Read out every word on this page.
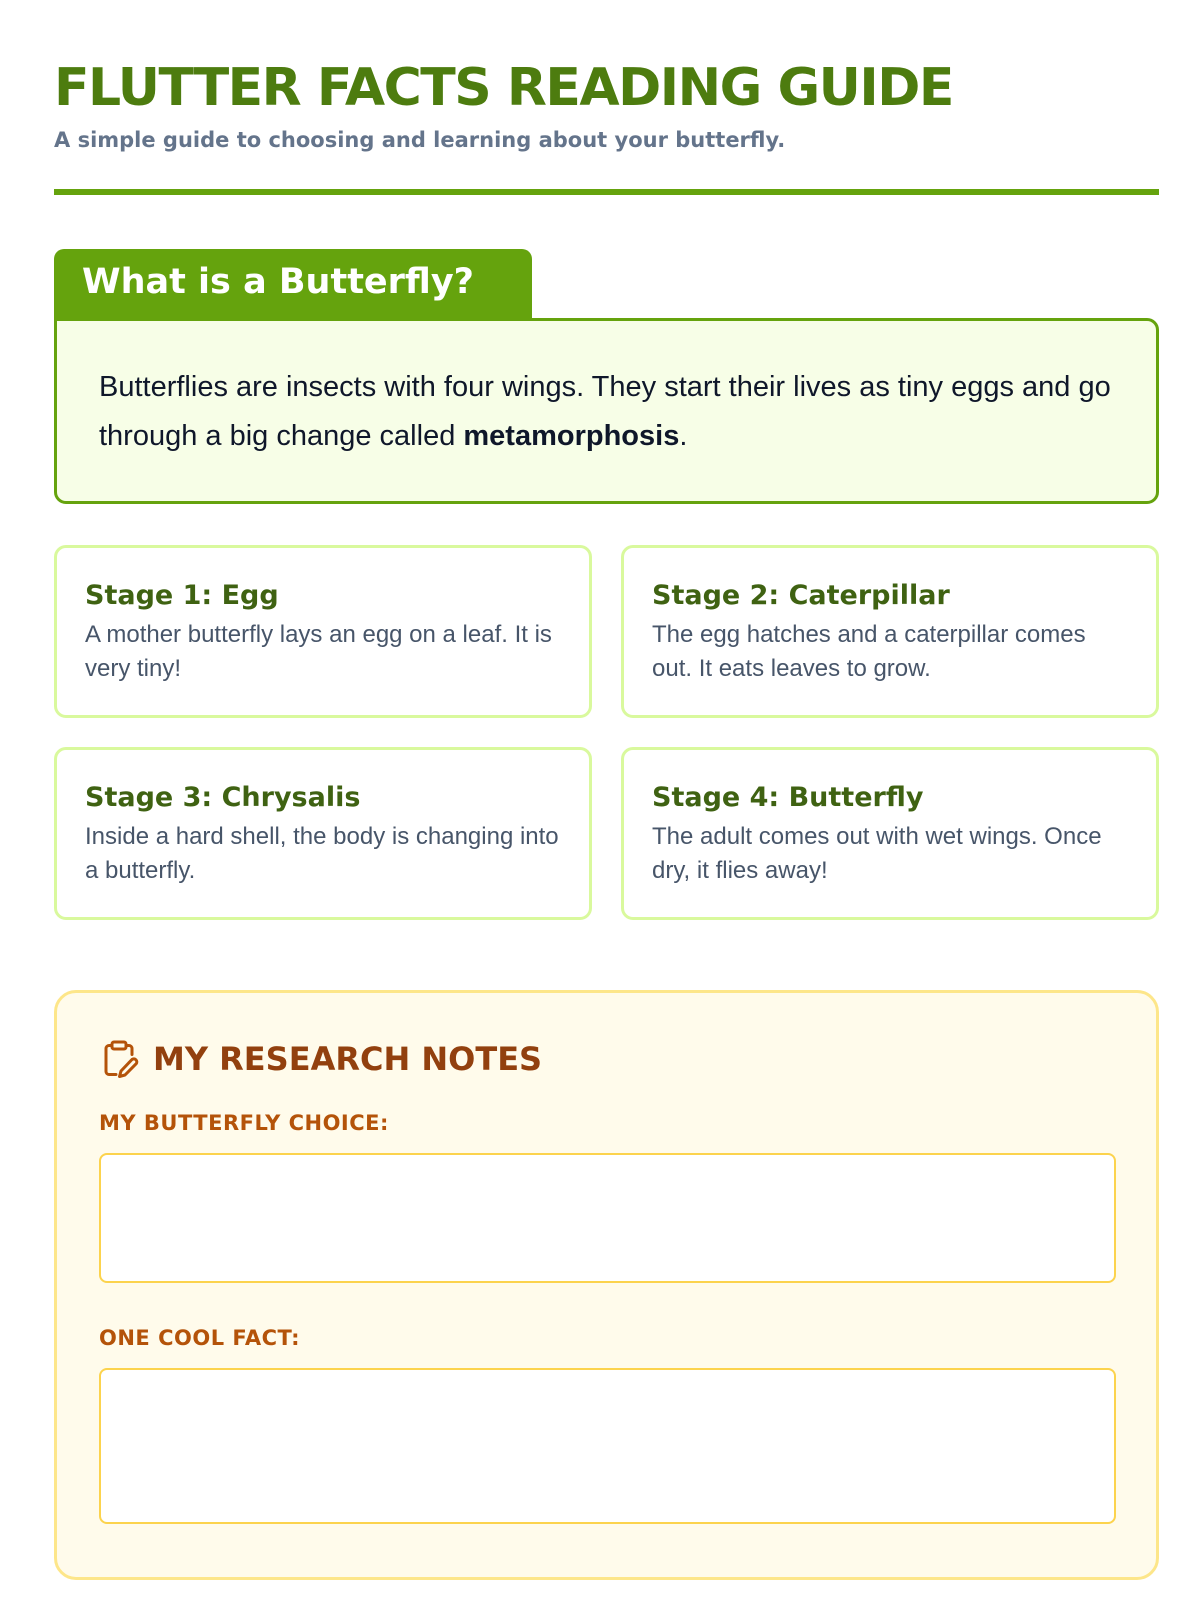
FLUTTER FACTS READING GUIDE
A simple guide to choosing and learning about your butterfly.
What is a Butterfly?
Butterflies are insects with four wings. They start their lives as tiny eggs and go through a big change called metamorphosis.
Stage 1: Egg
A mother butterfly lays an egg on a leaf. It is very tiny!
Stage 2: Caterpillar
The egg hatches and a caterpillar comes out. It eats leaves to grow.
Stage 3: Chrysalis
Inside a hard shell, the body is changing into a butterfly.
Stage 4: Butterfly
The adult comes out with wet wings. Once dry, it flies away!
MY RESEARCH NOTES
MY BUTTERFLY CHOICE:
ONE COOL FACT:
